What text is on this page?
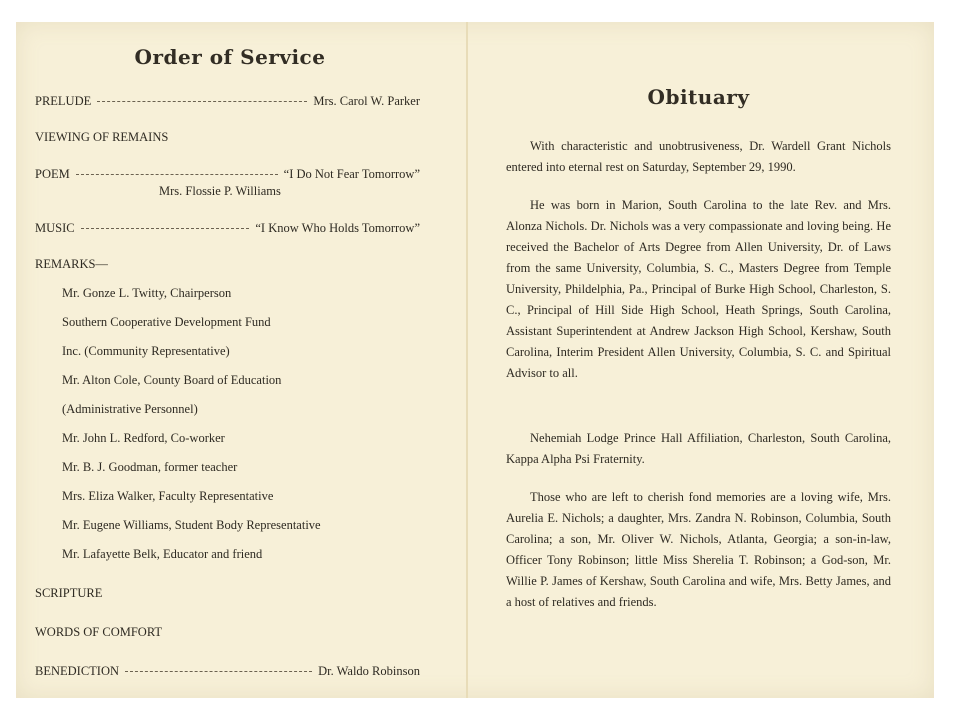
Order of Service
PRELUDE	Mrs. Carol W. Parker
VIEWING OF REMAINS
POEM	“I Do Not Fear Tomorrow”
Mrs. Flossie P. Williams
MUSIC	“I Know Who Holds Tomorrow”
REMARKS—
Mr. Gonze L. Twitty, Chairperson
Southern Cooperative Development Fund
Inc. (Community Representative)
Mr. Alton Cole, County Board of Education
(Administrative Personnel)
Mr. John L. Redford, Co-worker
Mr. B. J. Goodman, former teacher
Mrs. Eliza Walker, Faculty Representative
Mr. Eugene Williams, Student Body Representative
Mr. Lafayette Belk, Educator and friend
SCRIPTURE
WORDS OF COMFORT
BENEDICTION	Dr. Waldo Robinson
Obituary

With characteristic and unobtrusiveness, Dr. Wardell Grant Nichols entered into eternal rest on Saturday, September 29, 1990.

He was born in Marion, South Carolina to the late Rev. and Mrs. Alonza Nichols. Dr. Nichols was a very compassionate and loving being. He received the Bachelor of Arts Degree from Allen University, Dr. of Laws from the same University, Columbia, S. C., Masters Degree from Temple University, Phildelphia, Pa., Principal of Burke High School, Charleston, S. C., Principal of Hill Side High School, Heath Springs, South Carolina, Assistant Superintendent at Andrew Jackson High School, Kershaw, South Carolina, Interim President Allen University, Columbia, S. C. and Spiritual Advisor to all.

Nehemiah Lodge Prince Hall Affiliation, Charleston, South Carolina, Kappa Alpha Psi Fraternity.

Those who are left to cherish fond memories are a loving wife, Mrs. Aurelia E. Nichols; a daughter, Mrs. Zandra N. Robinson, Columbia, South Carolina; a son, Mr. Oliver W. Nichols, Atlanta, Georgia; a son-in-law, Officer Tony Robinson; little Miss Sherelia T. Robinson; a God-son, Mr. Willie P. James of Kershaw, South Carolina and wife, Mrs. Betty James, and a host of relatives and friends.
